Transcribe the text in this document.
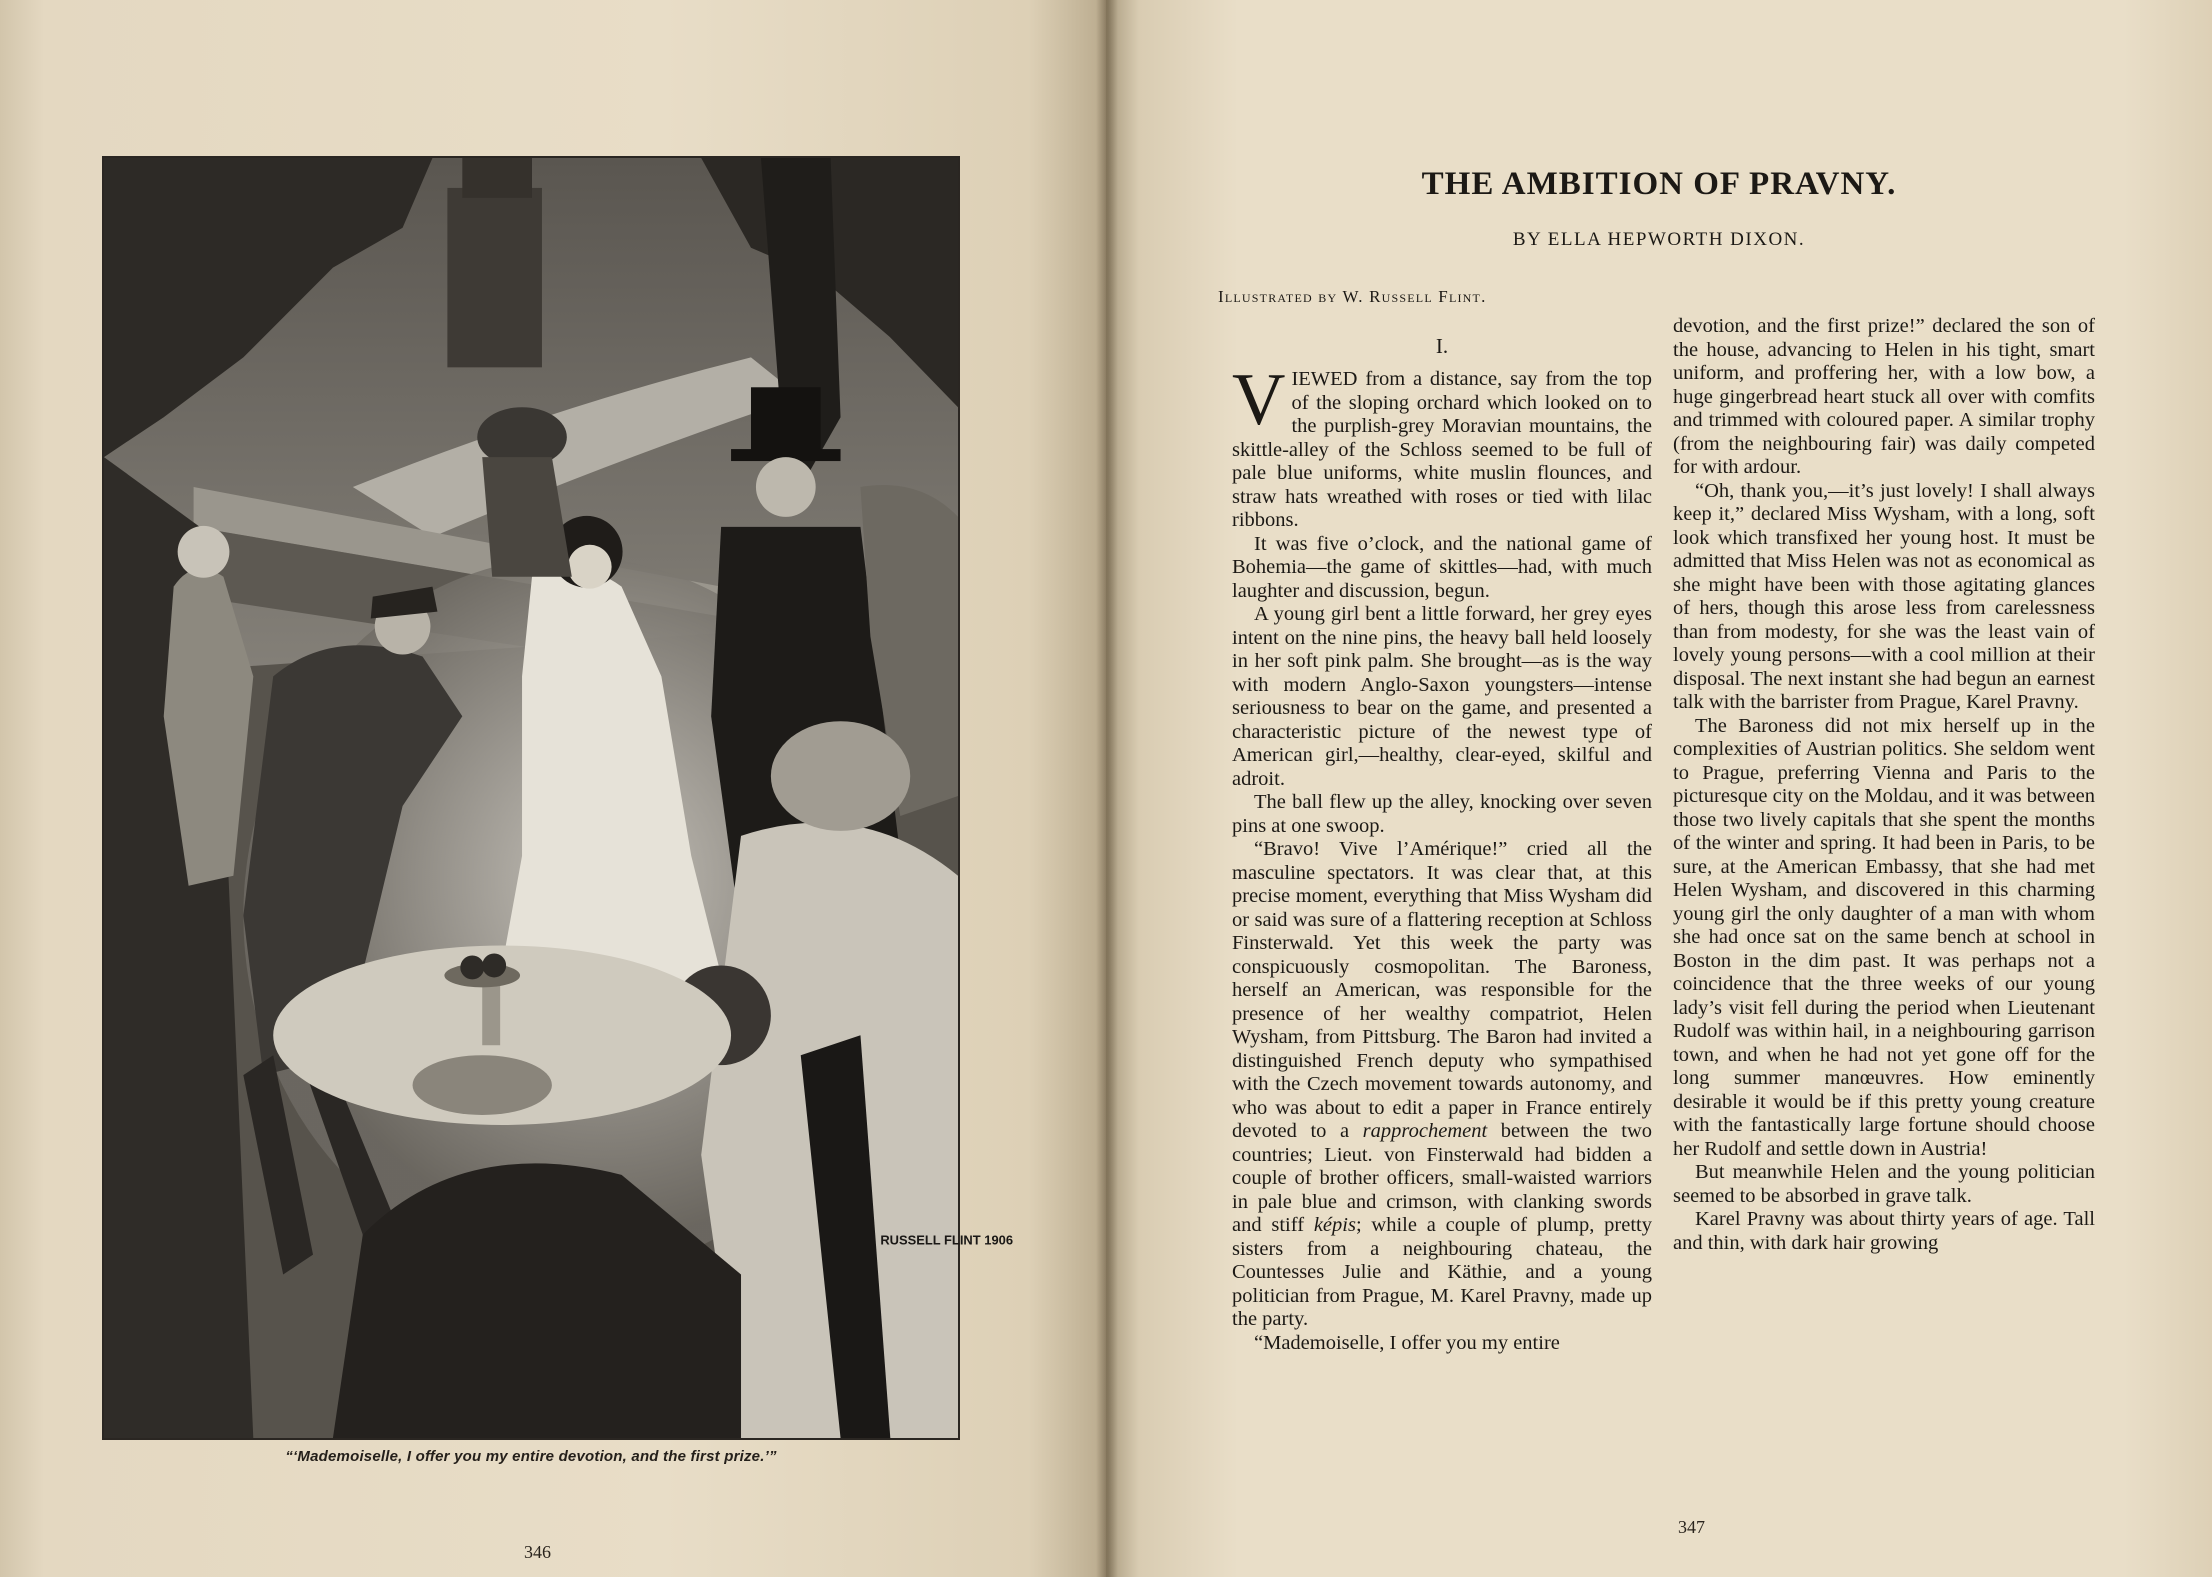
RUSSELL FLINT 1906
“‘Mademoiselle, I offer you my entire devotion, and the first prize.’”
346
THE AMBITION OF PRAVNY.
BY ELLA HEPWORTH DIXON.
Illustrated by W. Russell Flint.
I.

VIEWED from a distance, say from the top of the sloping orchard which looked on to the purplish-grey Moravian mountains, the skittle-alley of the Schloss seemed to be full of pale blue uniforms, white muslin flounces, and straw hats wreathed with roses or tied with lilac ribbons.

It was five o’clock, and the national game of Bohemia—the game of skittles—had, with much laughter and discussion, begun.

A young girl bent a little forward, her grey eyes intent on the nine pins, the heavy ball held loosely in her soft pink palm. She brought—as is the way with modern Anglo-Saxon youngsters—intense seriousness to bear on the game, and presented a characteristic picture of the newest type of American girl,—healthy, clear-eyed, skilful and adroit.

The ball flew up the alley, knocking over seven pins at one swoop.

“Bravo! Vive l’Amérique!” cried all the masculine spectators. It was clear that, at this precise moment, everything that Miss Wysham did or said was sure of a flattering reception at Schloss Finsterwald. Yet this week the party was conspicuously cosmopolitan. The Baroness, herself an American, was responsible for the presence of her wealthy compatriot, Helen Wysham, from Pittsburg. The Baron had invited a distinguished French deputy who sympathised with the Czech movement towards autonomy, and who was about to edit a paper in France entirely devoted to a rapprochement between the two countries; Lieut. von Finsterwald had bidden a couple of brother officers, small-waisted warriors in pale blue and crimson, with clanking swords and stiff képis; while a couple of plump, pretty sisters from a neighbouring chateau, the Countesses Julie and Käthie, and a young politician from Prague, M. Karel Pravny, made up the party.

“Mademoiselle, I offer you my entire

devotion, and the first prize!” declared the son of the house, advancing to Helen in his tight, smart uniform, and proffering her, with a low bow, a huge gingerbread heart stuck all over with comfits and trimmed with coloured paper. A similar trophy (from the neighbouring fair) was daily competed for with ardour.

“Oh, thank you,—it’s just lovely! I shall always keep it,” declared Miss Wysham, with a long, soft look which transfixed her young host. It must be admitted that Miss Helen was not as economical as she might have been with those agitating glances of hers, though this arose less from carelessness than from modesty, for she was the least vain of lovely young persons—with a cool million at their disposal. The next instant she had begun an earnest talk with the barrister from Prague, Karel Pravny.

The Baroness did not mix herself up in the complexities of Austrian politics. She seldom went to Prague, preferring Vienna and Paris to the picturesque city on the Moldau, and it was between those two lively capitals that she spent the months of the winter and spring. It had been in Paris, to be sure, at the American Embassy, that she had met Helen Wysham, and discovered in this charming young girl the only daughter of a man with whom she had once sat on the same bench at school in Boston in the dim past. It was perhaps not a coincidence that the three weeks of our young lady’s visit fell during the period when Lieutenant Rudolf was within hail, in a neighbouring garrison town, and when he had not yet gone off for the long summer manœuvres. How eminently desirable it would be if this pretty young creature with the fantastically large fortune should choose her Rudolf and settle down in Austria!

But meanwhile Helen and the young politician seemed to be absorbed in grave talk.

Karel Pravny was about thirty years of age. Tall and thin, with dark hair growing

347
